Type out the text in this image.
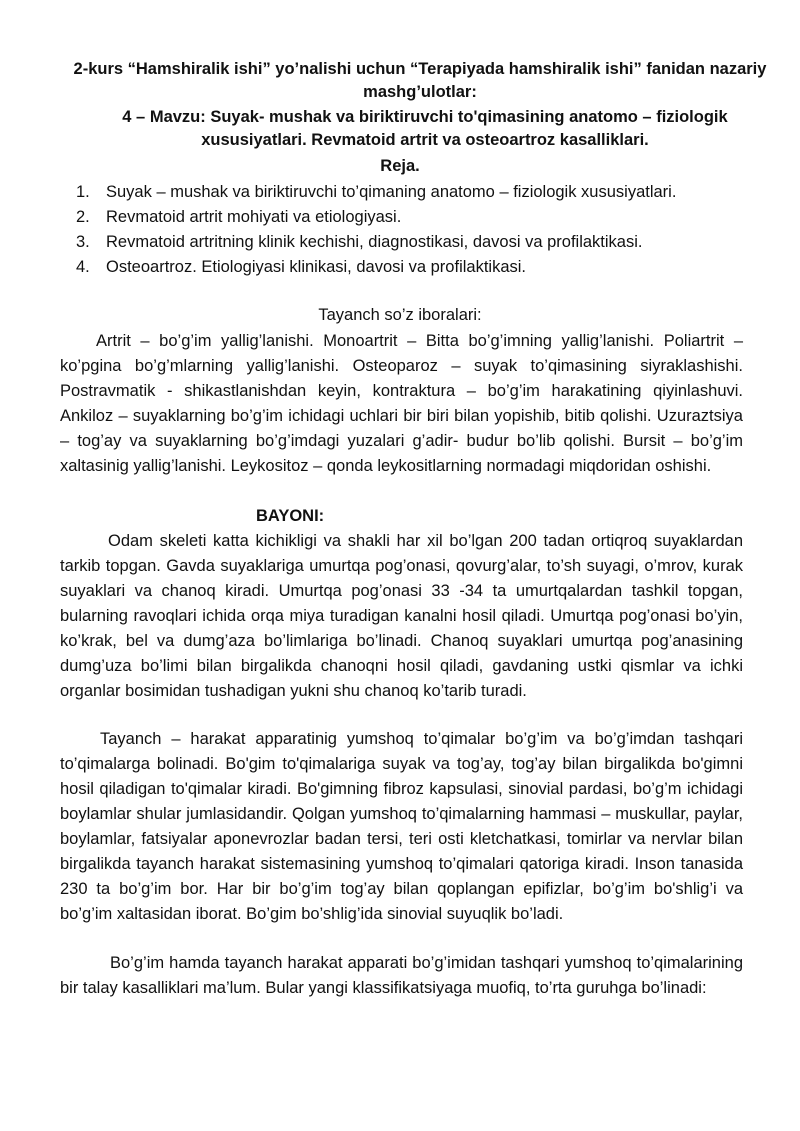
2-kurs “Hamshiralik ishi” yo’nalishi uchun “Terapiyada hamshiralik ishi” fanidan nazariy mashg’ulotlar:
4 – Mavzu: Suyak- mushak va biriktiruvchi to'qimasining anatomo – fiziologik xususiyatlari. Revmatoid artrit va osteoartroz kasalliklari.
Reja.
1. Suyak – mushak va biriktiruvchi to’qimaning anatomo – fiziologik xususiyatlari.
2. Revmatoid artrit mohiyati va etiologiyasi.
3. Revmatoid artritning klinik kechishi, diagnostikasi, davosi va profilaktikasi.
4. Osteoartroz. Etiologiyasi klinikasi, davosi va profilaktikasi.
Tayanch so’z iboralari:

Artrit – bo’g’im yallig’lanishi. Monoartrit – Bitta bo’g’imning yallig’lanishi. Poliartrit – ko’pgina bo’g’mlarning yallig’lanishi. Osteoparoz – suyak to’qimasining siyraklashishi. Postravmatik - shikastlanishdan keyin, kontraktura – bo’g’im harakatining qiyinlashuvi. Ankiloz – suyaklarning bo’g’im ichidagi uchlari bir biri bilan yopishib, bitib qolishi. Uzuraztsiya – tog’ay va suyaklarning bo’g’imdagi yuzalari g’adir- budur bo’lib qolishi. Bursit – bo’g’im xaltasinig yallig’lanishi. Leykositoz – qonda leykositlarning normadagi miqdoridan oshishi.

BAYONI:

Odam skeleti katta kichikligi va shakli har xil bo’lgan 200 tadan ortiqroq suyaklardan tarkib topgan. Gavda suyaklariga umurtqa pog’onasi, qovurg’alar, to’sh suyagi, o’mrov, kurak suyaklari va chanoq kiradi. Umurtqa pog’onasi 33 -34 ta umurtqalardan tashkil topgan, bularning ravoqlari ichida orqa miya turadigan kanalni hosil qiladi. Umurtqa pog’onasi bo’yin, ko’krak, bel va dumg’aza bo’limlariga bo’linadi. Chanoq suyaklari umurtqa pog’anasining dumg’uza bo’limi bilan birgalikda chanoqni hosil qiladi, gavdaning ustki qismlar va ichki organlar bosimidan tushadigan yukni shu chanoq ko’tarib turadi.

Tayanch – harakat apparatinig yumshoq to’qimalar bo’g’im va bo’g’imdan tashqari to’qimalarga bolinadi. Bo'gim to'qimalariga suyak va tog’ay, tog’ay bilan birgalikda bo'gimni hosil qiladigan to'qimalar kiradi. Bo'gimning fibroz kapsulasi, sinovial pardasi, bo’g’m ichidagi boylamlar shular jumlasidandir. Qolgan yumshoq to’qimalarning hammasi – muskullar, paylar, boylamlar, fatsiyalar aponevrozlar badan tersi, teri osti kletchatkasi, tomirlar va nervlar bilan birgalikda tayanch harakat sistemasining yumshoq to’qimalari qatoriga kiradi. Inson tanasida 230 ta bo’g’im bor. Har bir bo’g’im tog’ay bilan qoplangan epifizlar, bo’g’im bo'shlig’i va bo’g’im xaltasidan iborat. Bo’gim bo’shlig’ida sinovial suyuqlik bo’ladi.

Bo’g’im hamda tayanch harakat apparati bo’g’imidan tashqari yumshoq to’qimalarining bir talay kasalliklari ma’lum. Bular yangi klassifikatsiyaga muofiq, to’rta guruhga bo’linadi:
